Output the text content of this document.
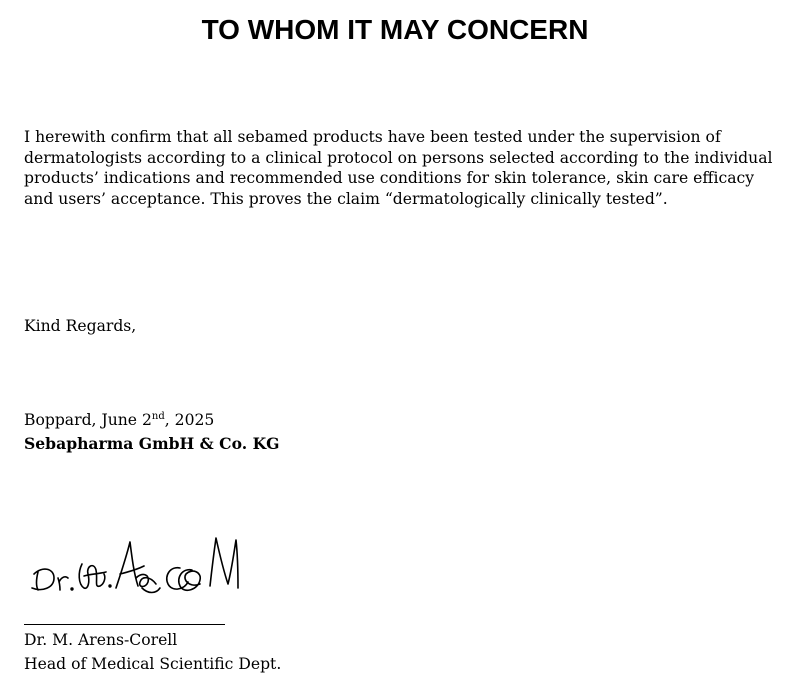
TO WHOM IT MAY CONCERN

I herewith confirm that all sebamed products have been tested under the supervision of dermatologists according to a clinical protocol on persons selected according to the individual products’ indications and recommended use conditions for skin tolerance, skin care efficacy and users’ acceptance. This proves the claim “dermatologically clinically tested”.

Kind Regards,

Boppard, June 2nd, 2025

Sebapharma GmbH & Co. KG

Dr. M. Arens-Corell

Head of Medical Scientific Dept.
